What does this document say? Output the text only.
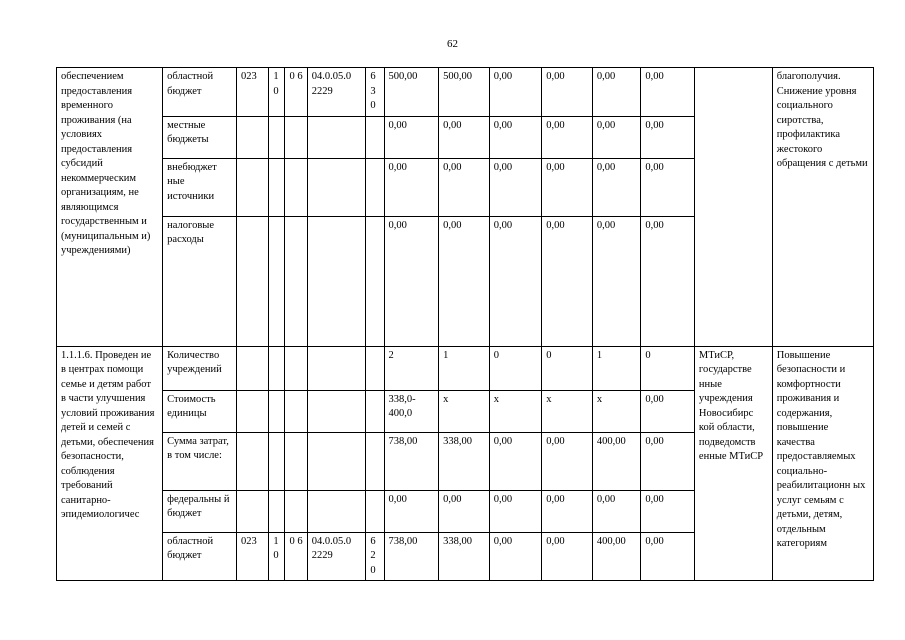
62
обеспечением предоставления временного проживания (на условиях предоставления субсидий некоммерческим организациям, не являющимся государственным и (муниципальным и) учреждениями)	областной бюджет	023	1 0	0 6	04.0.05.0 2229	63 0	500,00	500,00	0,00	0,00	0,00	0,00		благополучия. Снижение уровня социального сиротства, профилактика жестокого обращения с детьми
	местные бюджеты						0,00	0,00	0,00	0,00	0,00	0,00		
	внебюджет ные источники						0,00	0,00	0,00	0,00	0,00	0,00		
	налоговые расходы						0,00	0,00	0,00	0,00	0,00	0,00		
1.1.1.6. Проведен ие в центрах помощи семье и детям работ в части улучшения условий проживания детей и семей с детьми, обеспечения безопасности, соблюдения требований санитарно-эпидемиологичес	Количество учреждений						2	1	0	0	1	0	МТиСР, государстве нные учреждения Новосибирс кой области, подведомств енные МТиСР	Повышение безопасности и комфортности проживания и содержания, повышение качества предоставляемых социально-реабилитационн ых услуг семьям с детьми, детям, отдельным категориям
	Стоимость единицы						338,0-400,0	x	x	x	x	0,00		
	Сумма затрат, в том числе:						738,00	338,00	0,00	0,00	400,00	0,00		
	федеральны й бюджет						0,00	0,00	0,00	0,00	0,00	0,00		
	областной бюджет	023	1 0	0 6	04.0.05.0 2229	62 0	738,00	338,00	0,00	0,00	400,00	0,00		
